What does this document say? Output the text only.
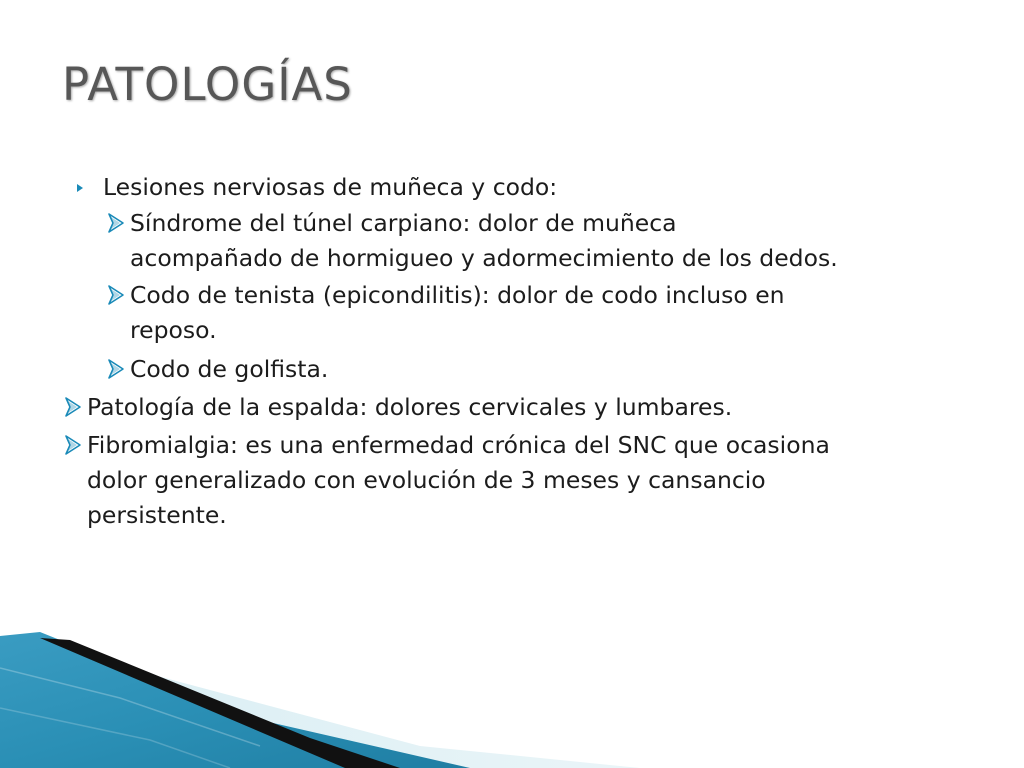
PATOLOGÍAS
Lesiones nerviosas de muñeca y codo:
Síndrome del túnel carpiano: dolor de muñeca
acompañado de hormigueo y adormecimiento de los dedos.
Codo de tenista (epicondilitis): dolor de codo incluso en
reposo.
Codo de golfista.
Patología de la espalda: dolores cervicales y lumbares.
Fibromialgia: es una enfermedad crónica del SNC que ocasiona
dolor generalizado con evolución de 3 meses y cansancio
persistente.
